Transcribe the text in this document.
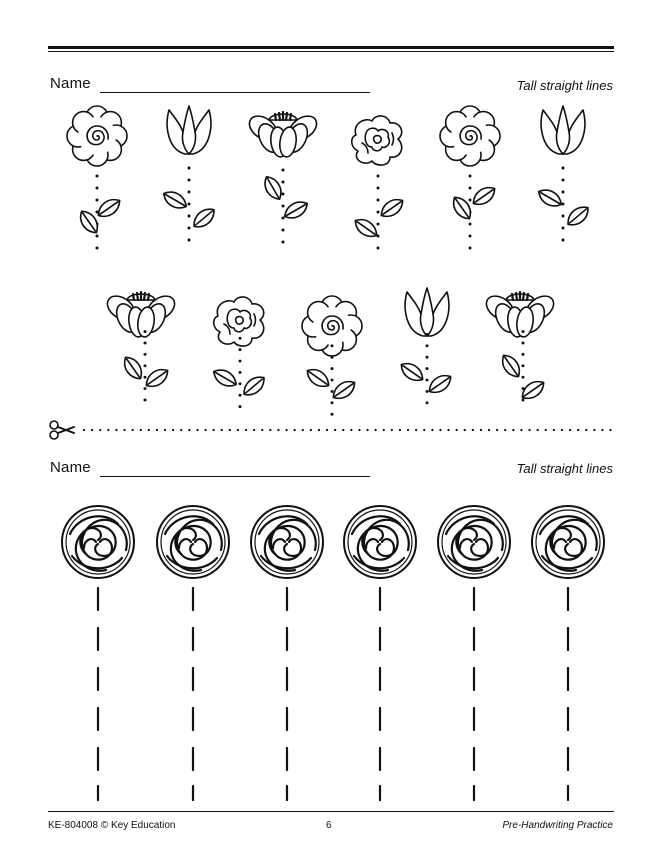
Name	Tall straight lines
Name	Tall straight lines
KE-804008 © Key Education	6	Pre-Handwriting Practice
